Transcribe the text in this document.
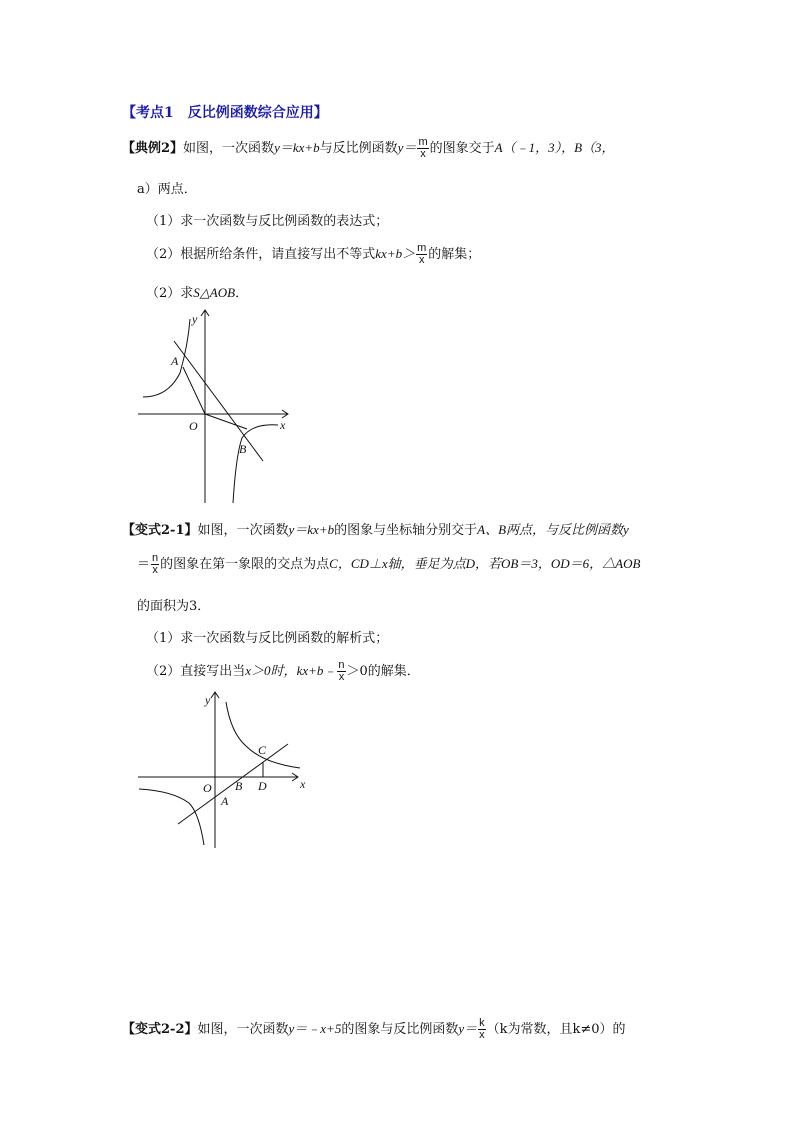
【考点1　反比例函数综合应用】
【典例2】如图，一次函数y＝kx+b与反比例函数$y= \frac{m}{x}$ 的图象交于A（﹣1，3），B（3，
a）两点．
（1）求一次函数与反比例函数的表达式；
（2）根据所给条件，请直接写出不等式$kx+b> \frac{m}{x}$ 的解集；
（2）求S△AOB．
y
x
O
A
B
【变式2-1】如图，一次函数y＝kx+b的图象与坐标轴分别交于A、B两点，与反比例函数y
＝ $\frac{n}{x}$ 的图象在第一象限的交点为点C，CD⊥x轴，垂足为点D，若OB＝3，OD＝6，△AOB
的面积为3．
（1）求一次函数与反比例函数的解析式；
（2）直接写出当x＞0时，kx+b﹣ $\frac{n}{x} >0$的解集．
y
x
O B
A
C
D
【变式2-2】如图，一次函数y＝﹣x+5的图象与反比例函数$y= \frac{k}{x} (k$为常数，且k≠0）的
